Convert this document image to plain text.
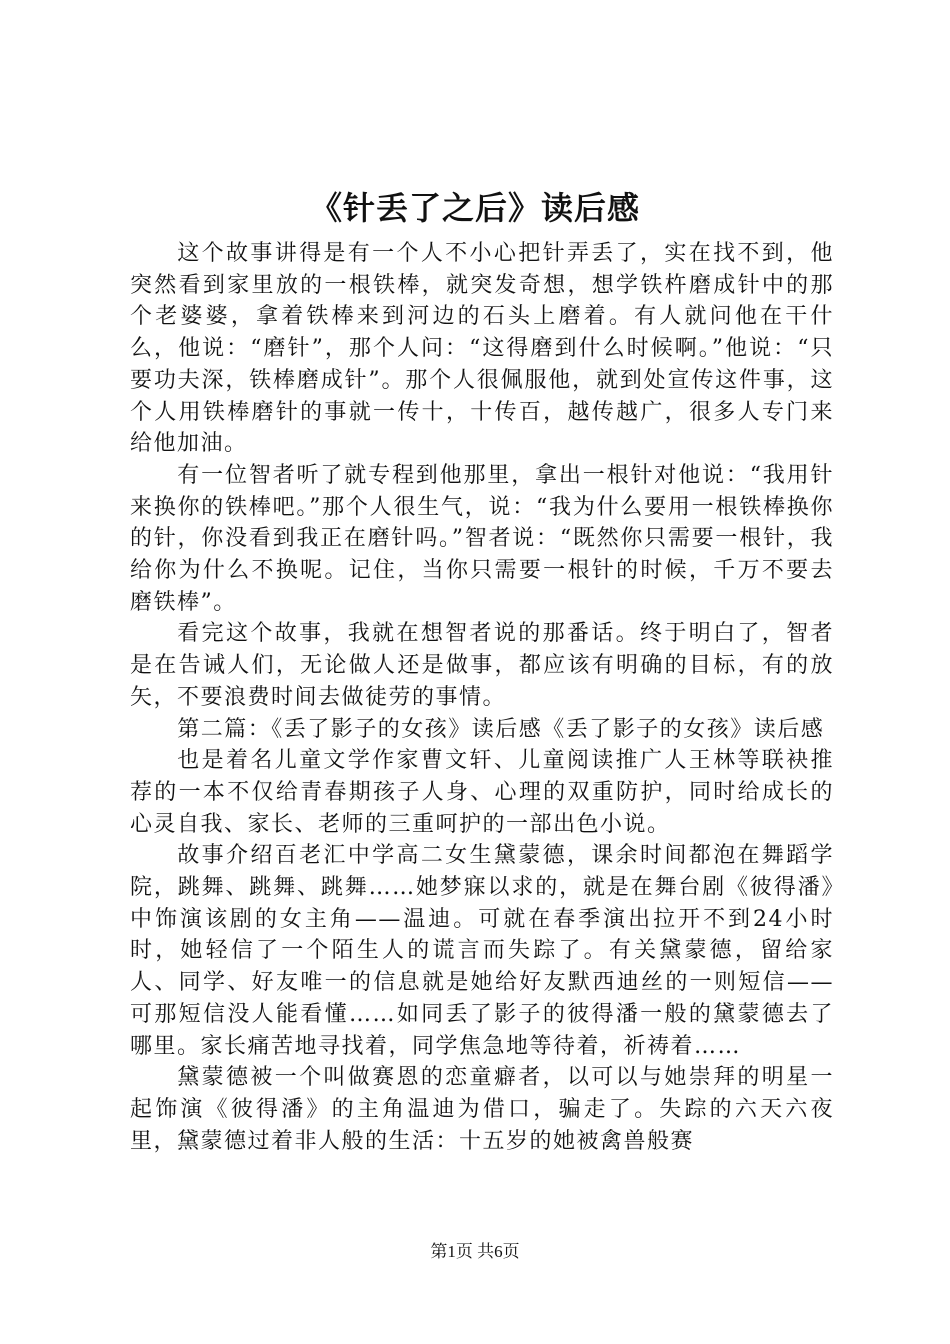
《针丢了之后》读后感

这个故事讲得是有一个人不小心把针弄丢了，实在找不到，他突然看到家里放的一根铁棒，就突发奇想，想学铁杵磨成针中的那个老婆婆，拿着铁棒来到河边的石头上磨着。有人就问他在干什么，他说：“磨针”，那个人问：“这得磨到什么时候啊。”他说：“只要功夫深，铁棒磨成针”。那个人很佩服他，就到处宣传这件事，这个人用铁棒磨针的事就一传十，十传百，越传越广，很多人专门来给他加油。

有一位智者听了就专程到他那里，拿出一根针对他说：“我用针来换你的铁棒吧。”那个人很生气，说：“我为什么要用一根铁棒换你的针，你没看到我正在磨针吗。”智者说：“既然你只需要一根针，我给你为什么不换呢。记住，当你只需要一根针的时候，千万不要去磨铁棒”。

看完这个故事，我就在想智者说的那番话。终于明白了，智者是在告诫人们，无论做人还是做事，都应该有明确的目标，有的放矢，不要浪费时间去做徒劳的事情。

第二篇：《丢了影子的女孩》读后感《丢了影子的女孩》读后感

也是着名儿童文学作家曹文轩、儿童阅读推广人王林等联袂推荐的一本不仅给青春期孩子人身、心理的双重防护，同时给成长的心灵自我、家长、老师的三重呵护的一部出色小说。

故事介绍百老汇中学高二女生黛蒙德，课余时间都泡在舞蹈学院，跳舞、跳舞、跳舞……她梦寐以求的，就是在舞台剧《彼得潘》中饰演该剧的女主角——温迪。可就在春季演出拉开不到24小时时，她轻信了一个陌生人的谎言而失踪了。有关黛蒙德，留给家人、同学、好友唯一的信息就是她给好友默西迪丝的一则短信——可那短信没人能看懂……如同丢了影子的彼得潘一般的黛蒙德去了哪里。家长痛苦地寻找着，同学焦急地等待着，祈祷着……

黛蒙德被一个叫做赛恩的恋童癖者，以可以与她崇拜的明星一起饰演《彼得潘》的主角温迪为借口，骗走了。失踪的六天六夜里，黛蒙德过着非人般的生活：十五岁的她被禽兽般赛

第1页 共6页
